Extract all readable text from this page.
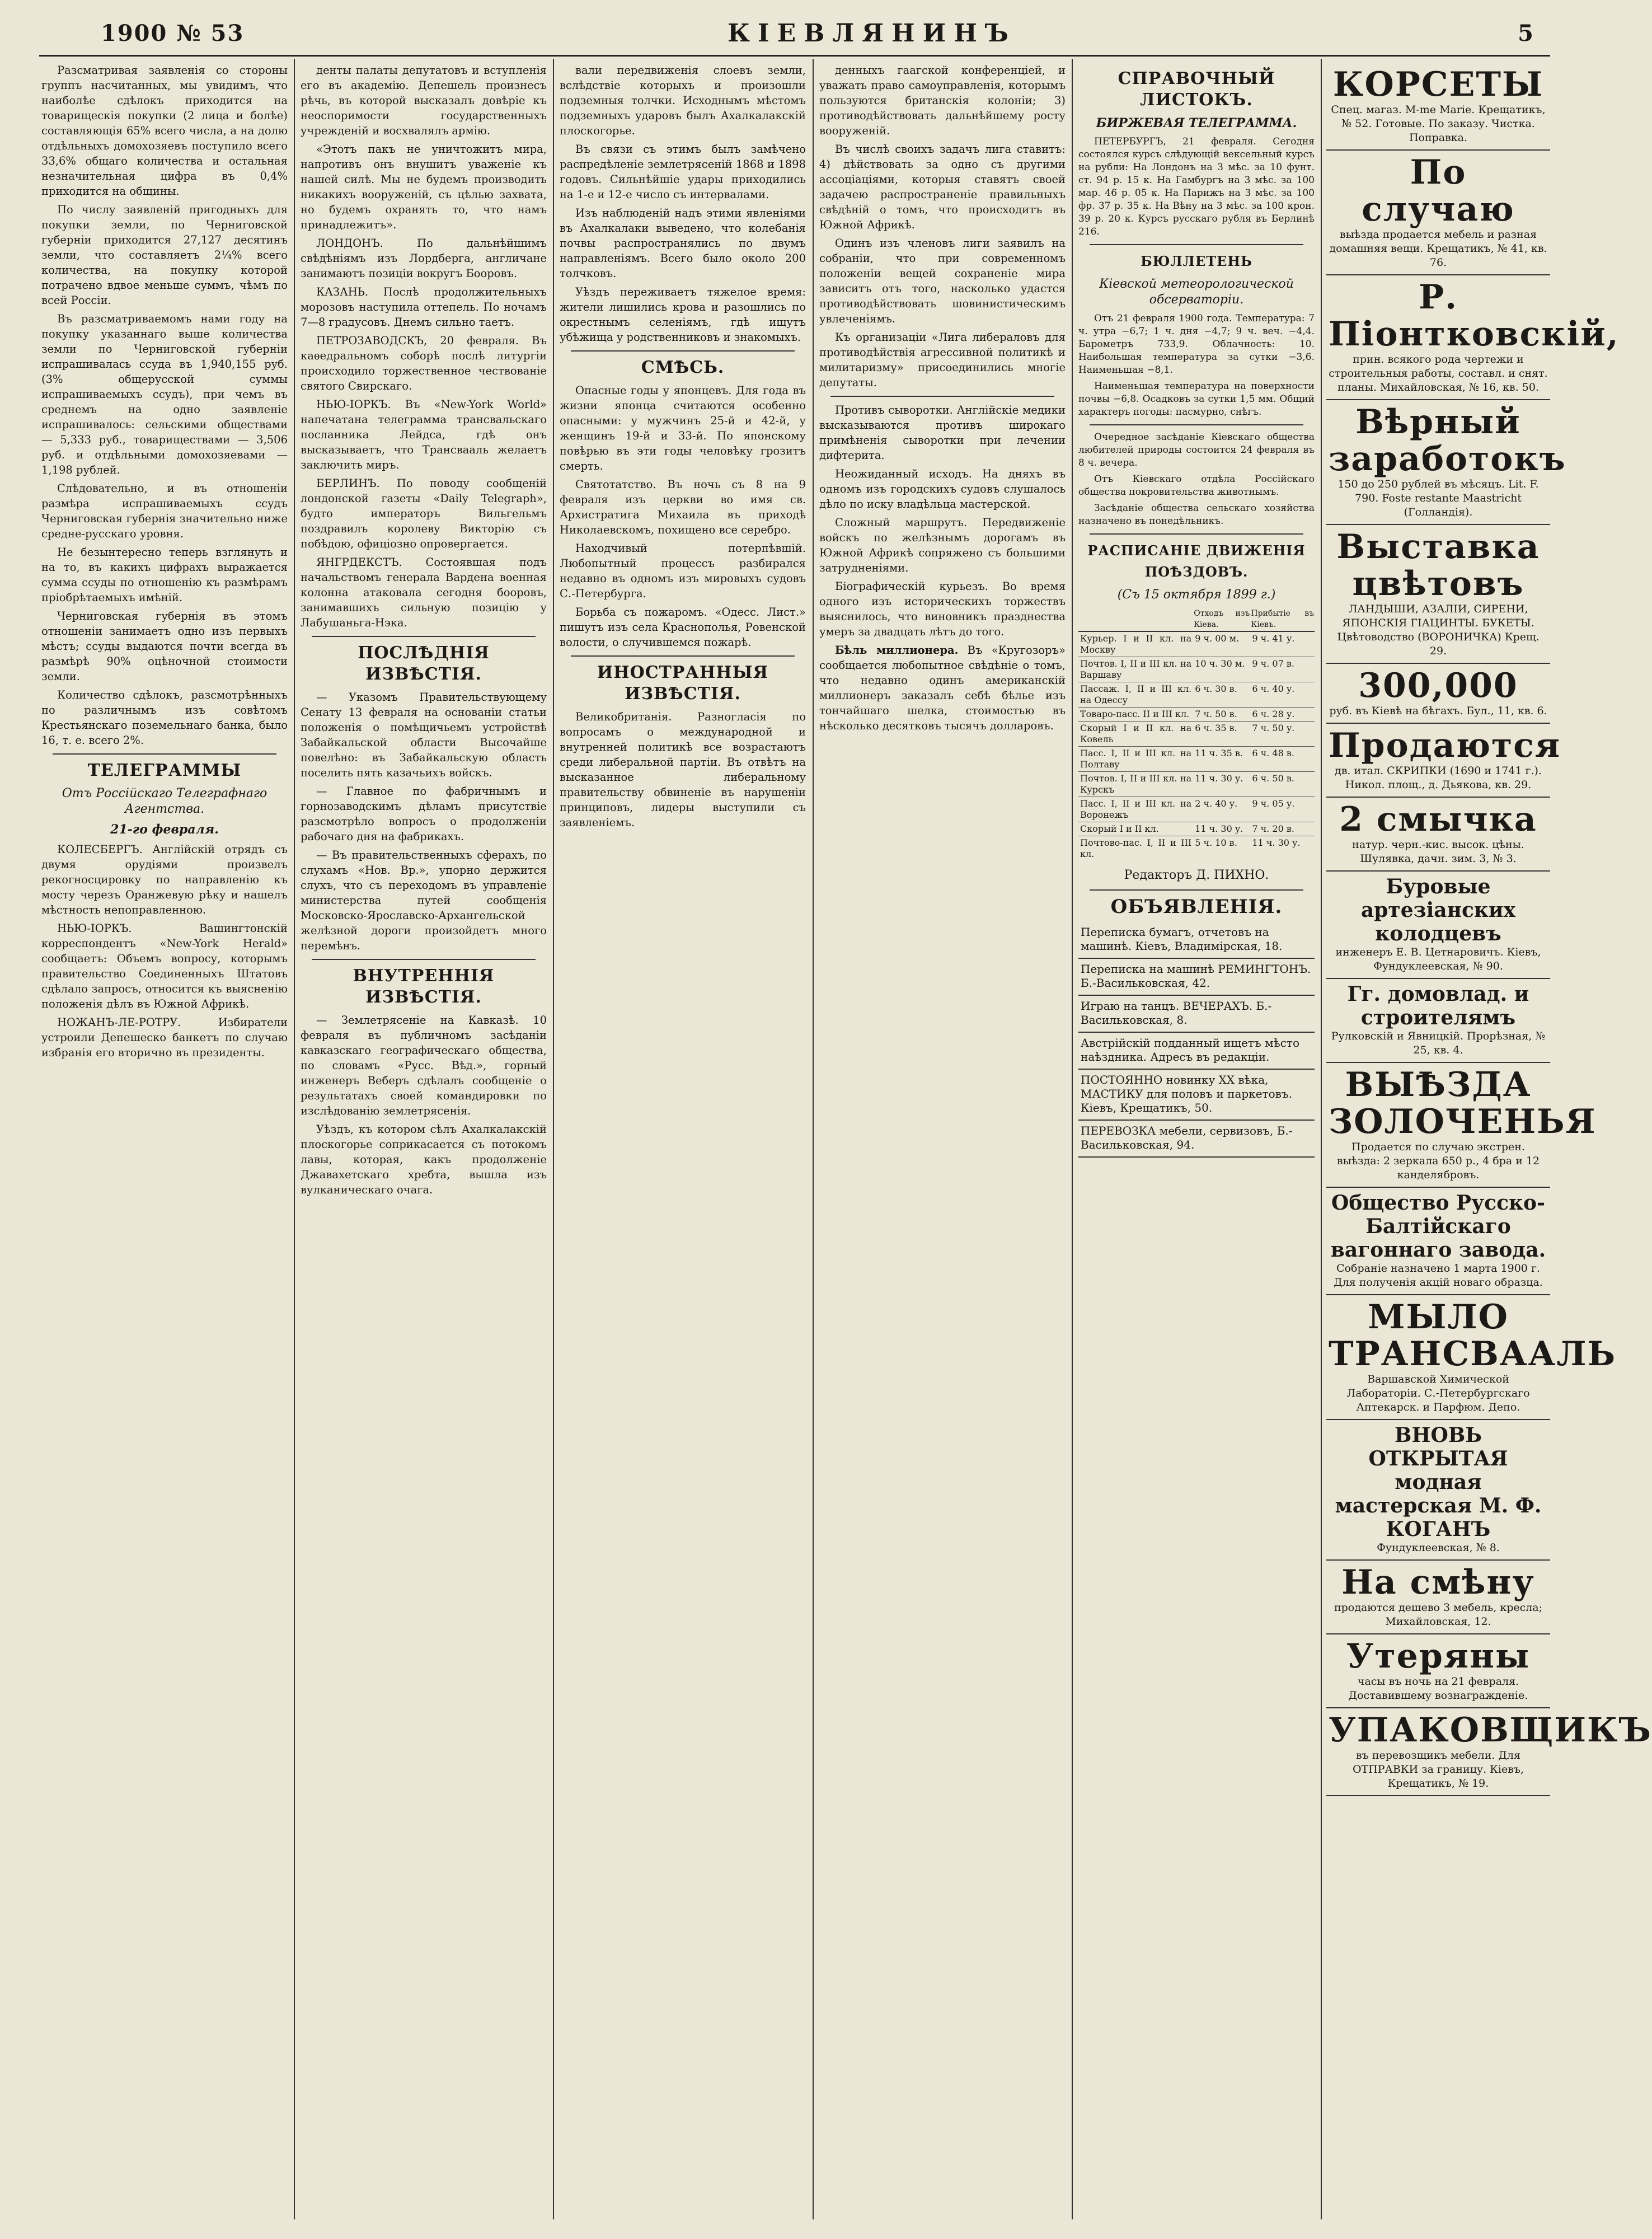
1900 № 53	КІЕВЛЯНИНЪ	5

Разсматривая заявленія со стороны группъ насчитанных, мы увидимъ, что наиболѣе сдѣлокъ приходится на товарищескія покупки (2 лица и болѣе) составляющія 65% всего числа, a на долю отдѣльныхъ домохозяевъ поступило всего 33,6% общаго количества и остальная незначительная цифра въ 0,4% приходится на общины.

По числу заявленій пригодныхъ для покупки земли, по Черниговской губерніи приходится 27,127 десятинъ земли, что составляетъ 2¼% всего количества, на покупку которой потрачено вдвое меньше суммъ, чѣмъ по всей Россіи.

Въ разсматриваемомъ нами году на покупку указаннаго выше количества земли по Черниговской губерніи испрашивалась ссуда въ 1,940,155 руб. (3% общерусской суммы испрашиваемыхъ ссудъ), при чемъ въ среднемъ на одно заявленіе испрашивалось: сельскими обществами — 5,333 руб., товариществами — 3,506 руб. и отдѣльными домохозяевами — 1,198 рублей.

Слѣдовательно, и въ отношеніи размѣра испрашиваемыхъ ссудъ Черниговская губернія значительно ниже средне-русскаго уровня.

Не безынтересно теперь взглянуть и на то, въ какихъ цифрахъ выражается сумма ссуды по отношенію къ размѣрамъ пріобрѣтаемыхъ имѣній.

Черниговская губернія въ этомъ отношеніи занимаетъ одно изъ первыхъ мѣстъ; ссуды выдаются почти всегда въ размѣрѣ 90% оцѣночной стоимости земли.

Количество сдѣлокъ, разсмотрѣнныхъ по различнымъ изъ совѣтомъ Крестьянскаго поземельнаго банка, было 16, т. е. всего 2%.

ТЕЛЕГРАММЫ
Отъ Россійскаго Телеграфнаго Агентства.
21-го февраля.

КОЛЕСБЕРГЪ. Англійскій отрядъ съ двумя орудіями произвелъ рекогносцировку по направленію къ мосту черезъ Оранжевую рѣку и нашелъ мѣстность непоправленною.

НЬЮ-ІОРКЪ. Вашингтонскій корреспондентъ «New-York Herald» сообщаетъ: Объемъ вопросу, которымъ правительство Соединенныхъ Штатовъ сдѣлало запросъ, относится къ выясненію положенія дѣлъ въ Южной Африкѣ.

НОЖАНЪ-ЛЕ-РОТРУ. Избиратели устроили Депешеско банкетъ по случаю избранія его вторично въ президенты.

денты палаты депутатовъ и вступленія его въ академію. Депешель произнесъ рѣчь, въ которой высказалъ довѣріе къ неоспоримости государственныхъ учрежденій и восхвалялъ армію.

«Этотъ пакъ не уничтожитъ мира, напротивъ онъ внушитъ уваженіе къ нашей силѣ. Мы не будемъ производить никакихъ вооруженій, съ цѣлью захвата, но будемъ охранять то, что намъ принадлежитъ».

ЛОНДОНЪ. По дальнѣйшимъ свѣдѣніямъ изъ Лордберга, англичане занимаютъ позиціи вокругъ Бооровъ.

КАЗАНЬ. Послѣ продолжительныхъ морозовъ наступила оттепель. По ночамъ 7—8 градусовъ. Днемъ сильно таетъ.

ПЕТРОЗАВОДСКЪ, 20 февраля. Въ каѳедральномъ соборѣ послѣ литургіи происходило торжественное чествованіе святого Свирскаго.

НЬЮ-ІОРКЪ. Въ «New-York World» напечатана телеграмма трансвальскаго посланника Лейдса, гдѣ онъ высказываетъ, что Трансвааль желаетъ заключить миръ.

БЕРЛИНЪ. По поводу сообщеній лондонской газеты «Daily Telegraph», будто императоръ Вильгельмъ поздравилъ королеву Викторію съ побѣдою, офиціозно опровергается.

ЯНГРДЕКСТЪ. Состоявшая подъ начальствомъ генерала Вардена военная колонна атаковала сегодня бооровъ, занимавшихъ сильную позицію у Лабушаньга-Нэка.

ПОСЛѢДНІЯ ИЗВѢСТІЯ.

— Указомъ Правительствующему Сенату 13 февраля на основаніи статьи положенія о помѣщичьемъ устройствѣ Забайкальской области Высочайше повелѣно: въ Забайкальскую область поселить пять казачьихъ войскъ.

— Главное по фабричнымъ и горнозаводскимъ дѣламъ присутствіе разсмотрѣло вопросъ о продолженіи рабочаго дня на фабрикахъ.

— Въ правительственныхъ сферахъ, по слухамъ «Нов. Вр.», упорно держится слухъ, что съ переходомъ въ управленіе министерства путей сообщенія Московско-Ярославско-Архангельской желѣзной дороги произойдетъ много перемѣнъ.

ВНУТРЕННІЯ ИЗВѢСТІЯ.

— Землетрясеніе на Кавказѣ. 10 февраля въ публичномъ засѣданіи кавказскаго географическаго общества, по словамъ «Русс. Вѣд.», горный инженеръ Веберъ сдѣлалъ сообщеніе о результатахъ своей командировки по изслѣдованію землетрясенія.

Уѣздъ, къ котором сѣлъ Ахалкалакскій плоскогорье соприкасается съ потокомъ лавы, которая, какъ продолженіе Джавахетскаго хребта, вышла изъ вулканическаго очага.

вали передвиженія слоевъ земли, вслѣдствіе которыхъ и произошли подземныя толчки. Исходнымъ мѣстомъ подземныхъ ударовъ былъ Ахалкалакскій плоскогорье.

Въ связи съ этимъ былъ замѣчено распредѣленіе землетрясеній 1868 и 1898 годовъ. Сильнѣйшіе удары приходились на 1-е и 12-е число съ интервалами.

Изъ наблюденій надъ этими явленіями въ Ахалкалаки выведено, что колебанія почвы распространялись по двумъ направленіямъ. Всего было около 200 толчковъ.

Уѣздъ переживаетъ тяжелое время: жители лишились крова и разошлись по окрестнымъ селеніямъ, гдѣ ищутъ убѣжища у родственниковъ и знакомыхъ.

СМѢСЬ.

Опасные годы у японцевъ. Для года въ жизни японца считаются особенно опасными: у мужчинъ 25-й и 42-й, у женщинъ 19-й и 33-й. По японскому повѣрью въ эти годы человѣку грозитъ смерть.

Святотатство. Въ ночь съ 8 на 9 февраля изъ церкви во имя св. Архистратига Михаила въ приходѣ Николаевскомъ, похищено все серебро.

Находчивый потерпѣвшій. Любопытный процессъ разбирался недавно въ одномъ изъ мировыхъ судовъ С.-Петербурга.

Борьба съ пожаромъ. «Одесс. Лист.» пишутъ изъ села Краснополья, Ровенской волости, о случившемся пожарѣ.

ИНОСТРАННЫЯ ИЗВѢСТІЯ.

Великобританія. Разногласія по вопросамъ о международной и внутренней политикѣ все возрастаютъ среди либеральной партіи. Въ отвѣтъ на высказанное либеральному правительству обвиненіе въ нарушеніи принциповъ, лидеры выступили съ заявленіемъ.

денныхъ гаагской конференціей, и уважать право самоуправленія, которымъ пользуются британскія колоніи; 3) противодѣйствовать дальнѣйшему росту вооруженій.

Въ числѣ своихъ задачъ лига ставитъ: 4) дѣйствовать за одно съ другими ассоціаціями, которыя ставятъ своей задачею распространеніе правильныхъ свѣдѣній о томъ, что происходитъ въ Южной Африкѣ.

Одинъ изъ членовъ лиги заявилъ на собраніи, что при современномъ положеніи вещей сохраненіе мира зависитъ отъ того, насколько удастся противодѣйствовать шовинистическимъ увлеченіямъ.

Къ организаціи «Лига либераловъ для противодѣйствія агрессивной политикѣ и милитаризму» присоединились многіе депутаты.

Противъ сыворотки. Англійскіе медики высказываются противъ широкаго примѣненія сыворотки при лечении дифтерита.

Неожиданный исходъ. На дняхъ въ одномъ изъ городскихъ судовъ слушалось дѣло по иску владѣльца мастерской.

Сложный маршрутъ. Передвиженіе войскъ по желѣзнымъ дорогамъ въ Южной Африкѣ сопряжено съ большими затрудненіями.

Біографическій курьезъ. Во время одного изъ историческихъ торжествъ выяснилось, что виновникъ празднества умеръ за двадцать лѣтъ до того.

Бѣль миллионера. Въ «Кругозоръ» сообщается любопытное свѣдѣніе о томъ, что недавно одинъ американскій миллионеръ заказалъ себѣ бѣлье изъ тончайшаго шелка, стоимостью въ нѣсколько десятковъ тысячъ долларовъ.

СПРАВОЧНЫЙ ЛИСТОКЪ.
БИРЖЕВАЯ ТЕЛЕГРАММА.

ПЕТЕРБУРГЪ, 21 февраля. Сегодня состоялся курсъ слѣдующій вексельный курсъ на рубли: На Лондонъ на 3 мѣс. за 10 фунт. ст. 94 р. 15 к. На Гамбургъ на 3 мѣс. за 100 мар. 46 р. 05 к. На Парижъ на 3 мѣс. за 100 фр. 37 р. 35 к. На Вѣну на 3 мѣс. за 100 крон. 39 р. 20 к. Курсъ русскаго рубля въ Берлинѣ 216.

БЮЛЛЕТЕНЬ
Кіевской метеорологической обсерваторіи.

Отъ 21 февраля 1900 года. Температура: 7 ч. утра −6,7; 1 ч. дня −4,7; 9 ч. веч. −4,4. Барометръ 733,9. Облачность: 10. Наибольшая температура за сутки −3,6. Наименьшая −8,1.

Наименьшая температура на поверхности почвы −6,8. Осадковъ за сутки 1,5 мм. Общий характеръ погоды: пасмурно, снѣгъ.

Очередное засѣданіе Кіевскаго общества любителей природы состоится 24 февраля въ 8 ч. вечера.

Отъ Кіевскаго отдѣла Россійскаго общества покровительства животнымъ.

Засѣданіе общества сельскаго хозяйства назначено въ понедѣльникъ.

РАСПИСАНІЕ ДВИЖЕНІЯ ПОѢЗДОВЪ.
(Съ 15 октября 1899 г.)
	Отходъ изъ Кіева.	Прибытіе въ Кіевъ.
Курьер. I и II кл. на Москву	9 ч. 00 м.	9 ч. 41 у.
Почтов. I, II и III кл. на Варшаву	10 ч. 30 м.	9 ч. 07 в.
Пассаж. I, II и III кл. на Одессу	6 ч. 30 в.	6 ч. 40 у.
Товаро-пасс. II и III кл.	7 ч. 50 в.	6 ч. 28 у.
Скорый I и II кл. на Ковель	6 ч. 35 в.	7 ч. 50 у.
Пасс. I, II и III кл. на Полтаву	11 ч. 35 в.	6 ч. 48 в.
Почтов. I, II и III кл. на Курскъ	11 ч. 30 у.	6 ч. 50 в.
Пасс. I, II и III кл. на Воронежъ	2 ч. 40 у.	9 ч. 05 у.
Скорый I и II кл.	11 ч. 30 у.	7 ч. 20 в.
Почтово-пас. I, II и III кл.	5 ч. 10 в.	11 ч. 30 у.
Редакторъ Д. ПИХНО.
ОБЪЯВЛЕНІЯ.
Переписка бумагъ, отчетовъ на машинѣ. Кіевъ, Владимірская, 18.
Переписка на машинѣ РЕМИНГТОНЪ. Б.-Васильковская, 42.
Играю на танцъ. ВЕЧЕРАХЪ. Б.-Васильковская, 8.
Австрійскій подданный ищетъ мѣсто наѣздника. Адресъ въ редакціи.
ПОСТОЯННО новинку XX вѣка, МАСТИКУ для половъ и паркетовъ. Кіевъ, Крещатикъ, 50.
ПЕРЕВОЗКА мебели, сервизовъ, Б.-Васильковская, 94.
КОРСЕТЫ
Спец. магаз. M-me Marie. Крещатикъ, № 52. Готовые. По заказу. Чистка. Поправка.
По случаю
выѣзда продается мебель и разная домашняя вещи. Крещатикъ, № 41, кв. 76.
Р. Піонтковскій,
прин. всякого рода чертежи и строительныя работы, составл. и снят. планы. Михайловская, № 16, кв. 50.
Вѣрный заработокъ
150 до 250 рублей въ мѣсяцъ. Lit. F. 790. Foste restante Maastricht (Голландія).
Выставка цвѣтовъ
ЛАНДЫШИ, АЗАЛІИ, СИРЕНИ, ЯПОНСКІЯ ГІАЦИНТЫ. БУКЕТЫ. Цвѣтоводство (ВОРОНИЧКА) Крещ. 29.
300,000
руб. въ Кіевѣ на бѣгахъ. Бул., 11, кв. 6.
Продаются
дв. итал. СКРИПКИ (1690 и 1741 г.). Никол. площ., д. Дьякова, кв. 29.
2 смычка
натур. черн.-кис. высок. цѣны. Шулявка, дачн. зим. 3, № 3.
Буровые артезіанских колодцевъ
инженеръ Е. В. Цетнаровичъ. Кіевъ, Фундуклеевская, № 90.
Гг. домовлад. и строителямъ
Рулковскій и Явницкій. Прорѣзная, № 25, кв. 4.
ВЫѢЗДА ЗОЛОЧЕНЬЯ
Продается по случаю экстрен. выѣзда: 2 зеркала 650 р., 4 бра и 12 канделябровъ.
Общество Русско-Балтійскаго вагоннаго завода.
Собраніе назначено 1 марта 1900 г. Для полученія акцій новаго образца.
МЫЛО ТРАНСВААЛЬ
Варшавской Химической Лабораторіи. С.-Петербургскаго Аптекарск. и Парфюм. Депо.
ВНОВЬ ОТКРЫТАЯ модная мастерская М. Ф. КОГАНЪ
Фундуклеевская, № 8.
На смѣну
продаются дешево 3 мебель, кресла; Михайловская, 12.
Утеряны
часы въ ночь на 21 февраля. Доставившему вознагражденіе.
УПАКОВЩИКЪ
въ перевозщикъ мебели. Для ОТПРАВКИ за границу. Кіевъ, Крещатикъ, № 19.
